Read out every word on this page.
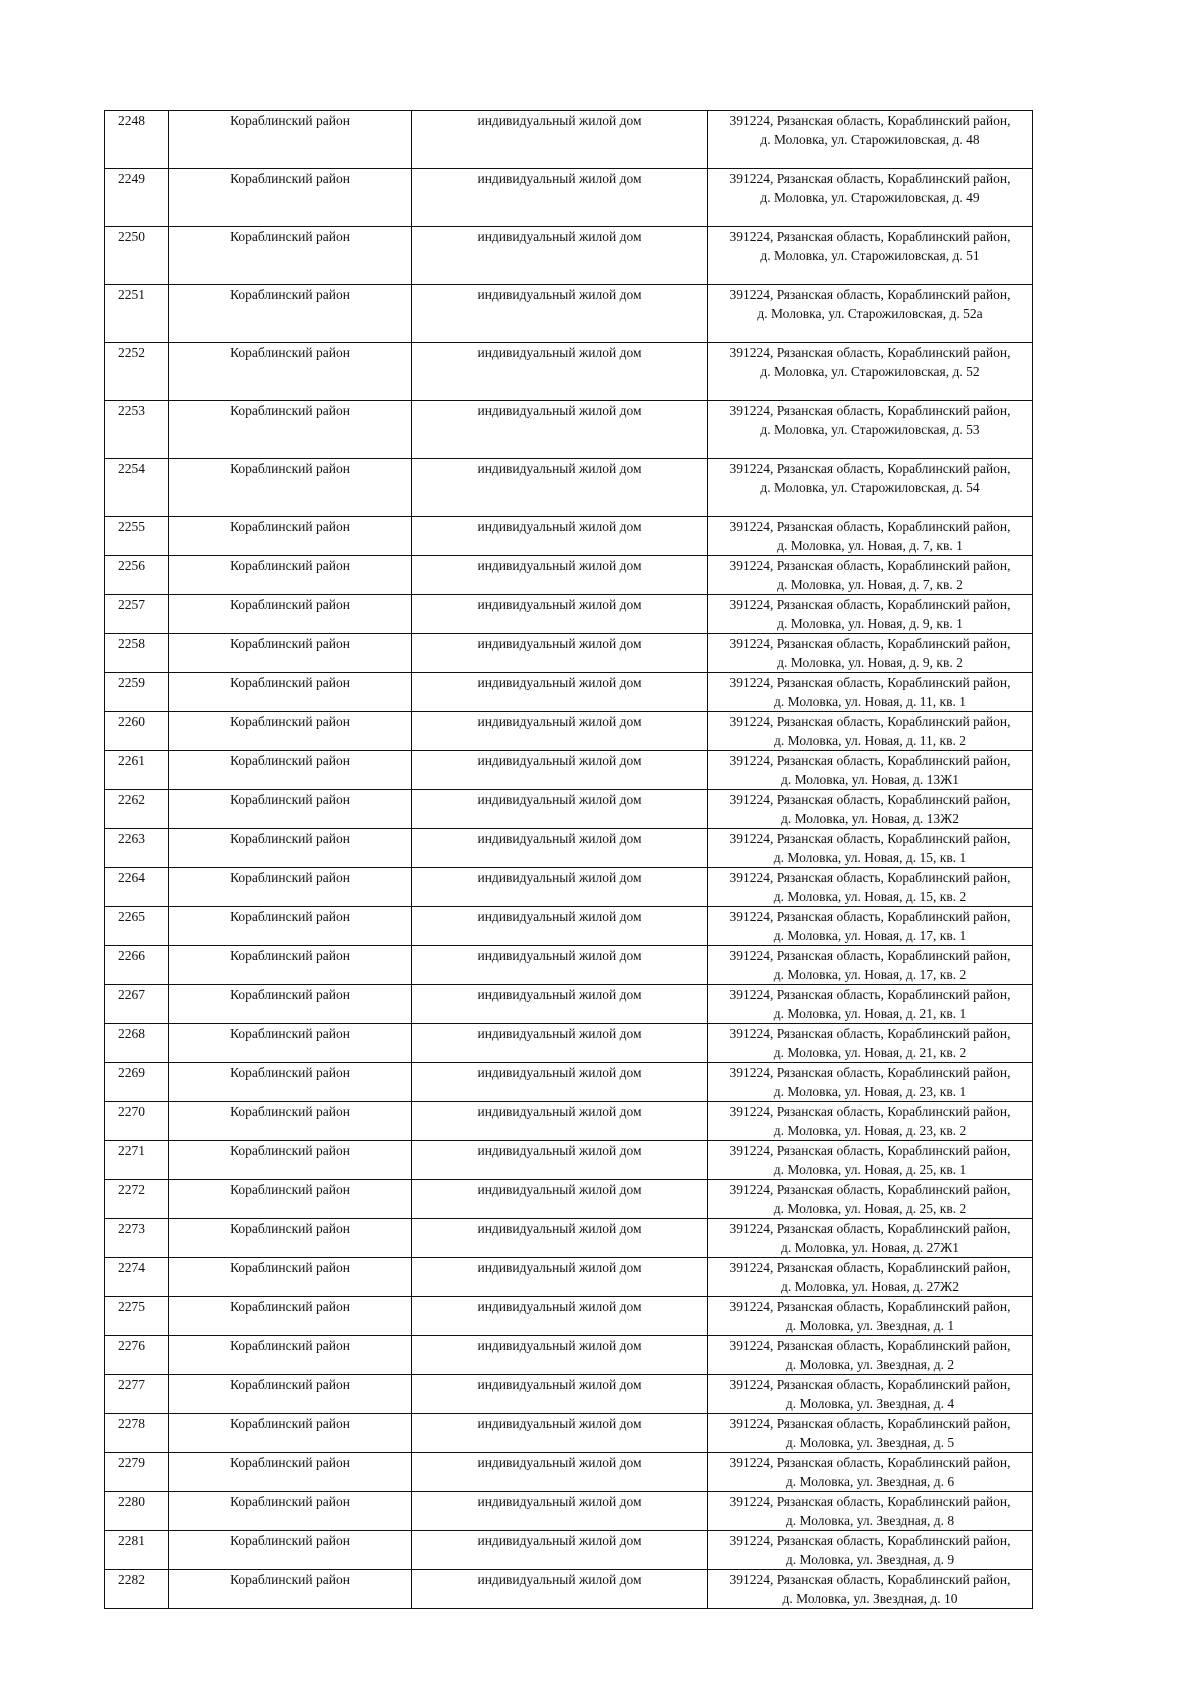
2248	Кораблинский район	индивидуальный жилой дом	391224, Рязанская область, Кораблинский район,
д. Моловка, ул. Старожиловская, д. 48

2249	Кораблинский район	индивидуальный жилой дом	391224, Рязанская область, Кораблинский район,
д. Моловка, ул. Старожиловская, д. 49

2250	Кораблинский район	индивидуальный жилой дом	391224, Рязанская область, Кораблинский район,
д. Моловка, ул. Старожиловская, д. 51

2251	Кораблинский район	индивидуальный жилой дом	391224, Рязанская область, Кораблинский район,
д. Моловка, ул. Старожиловская, д. 52а

2252	Кораблинский район	индивидуальный жилой дом	391224, Рязанская область, Кораблинский район,
д. Моловка, ул. Старожиловская, д. 52

2253	Кораблинский район	индивидуальный жилой дом	391224, Рязанская область, Кораблинский район,
д. Моловка, ул. Старожиловская, д. 53

2254	Кораблинский район	индивидуальный жилой дом	391224, Рязанская область, Кораблинский район,
д. Моловка, ул. Старожиловская, д. 54

2255	Кораблинский район	индивидуальный жилой дом	391224, Рязанская область, Кораблинский район,
д. Моловка, ул. Новая, д. 7, кв. 1

2256	Кораблинский район	индивидуальный жилой дом	391224, Рязанская область, Кораблинский район,
д. Моловка, ул. Новая, д. 7, кв. 2

2257	Кораблинский район	индивидуальный жилой дом	391224, Рязанская область, Кораблинский район,
д. Моловка, ул. Новая, д. 9, кв. 1

2258	Кораблинский район	индивидуальный жилой дом	391224, Рязанская область, Кораблинский район,
д. Моловка, ул. Новая, д. 9, кв. 2

2259	Кораблинский район	индивидуальный жилой дом	391224, Рязанская область, Кораблинский район,
д. Моловка, ул. Новая, д. 11, кв. 1

2260	Кораблинский район	индивидуальный жилой дом	391224, Рязанская область, Кораблинский район,
д. Моловка, ул. Новая, д. 11, кв. 2

2261	Кораблинский район	индивидуальный жилой дом	391224, Рязанская область, Кораблинский район,
д. Моловка, ул. Новая, д. 13Ж1

2262	Кораблинский район	индивидуальный жилой дом	391224, Рязанская область, Кораблинский район,
д. Моловка, ул. Новая, д. 13Ж2

2263	Кораблинский район	индивидуальный жилой дом	391224, Рязанская область, Кораблинский район,
д. Моловка, ул. Новая, д. 15, кв. 1

2264	Кораблинский район	индивидуальный жилой дом	391224, Рязанская область, Кораблинский район,
д. Моловка, ул. Новая, д. 15, кв. 2

2265	Кораблинский район	индивидуальный жилой дом	391224, Рязанская область, Кораблинский район,
д. Моловка, ул. Новая, д. 17, кв. 1

2266	Кораблинский район	индивидуальный жилой дом	391224, Рязанская область, Кораблинский район,
д. Моловка, ул. Новая, д. 17, кв. 2

2267	Кораблинский район	индивидуальный жилой дом	391224, Рязанская область, Кораблинский район,
д. Моловка, ул. Новая, д. 21, кв. 1

2268	Кораблинский район	индивидуальный жилой дом	391224, Рязанская область, Кораблинский район,
д. Моловка, ул. Новая, д. 21, кв. 2

2269	Кораблинский район	индивидуальный жилой дом	391224, Рязанская область, Кораблинский район,
д. Моловка, ул. Новая, д. 23, кв. 1

2270	Кораблинский район	индивидуальный жилой дом	391224, Рязанская область, Кораблинский район,
д. Моловка, ул. Новая, д. 23, кв. 2

2271	Кораблинский район	индивидуальный жилой дом	391224, Рязанская область, Кораблинский район,
д. Моловка, ул. Новая, д. 25, кв. 1

2272	Кораблинский район	индивидуальный жилой дом	391224, Рязанская область, Кораблинский район,
д. Моловка, ул. Новая, д. 25, кв. 2

2273	Кораблинский район	индивидуальный жилой дом	391224, Рязанская область, Кораблинский район,
д. Моловка, ул. Новая, д. 27Ж1

2274	Кораблинский район	индивидуальный жилой дом	391224, Рязанская область, Кораблинский район,
д. Моловка, ул. Новая, д. 27Ж2

2275	Кораблинский район	индивидуальный жилой дом	391224, Рязанская область, Кораблинский район,
д. Моловка, ул. Звездная, д. 1

2276	Кораблинский район	индивидуальный жилой дом	391224, Рязанская область, Кораблинский район,
д. Моловка, ул. Звездная, д. 2

2277	Кораблинский район	индивидуальный жилой дом	391224, Рязанская область, Кораблинский район,
д. Моловка, ул. Звездная, д. 4

2278	Кораблинский район	индивидуальный жилой дом	391224, Рязанская область, Кораблинский район,
д. Моловка, ул. Звездная, д. 5

2279	Кораблинский район	индивидуальный жилой дом	391224, Рязанская область, Кораблинский район,
д. Моловка, ул. Звездная, д. 6

2280	Кораблинский район	индивидуальный жилой дом	391224, Рязанская область, Кораблинский район,
д. Моловка, ул. Звездная, д. 8

2281	Кораблинский район	индивидуальный жилой дом	391224, Рязанская область, Кораблинский район,
д. Моловка, ул. Звездная, д. 9

2282	Кораблинский район	индивидуальный жилой дом	391224, Рязанская область, Кораблинский район,
д. Моловка, ул. Звездная, д. 10
